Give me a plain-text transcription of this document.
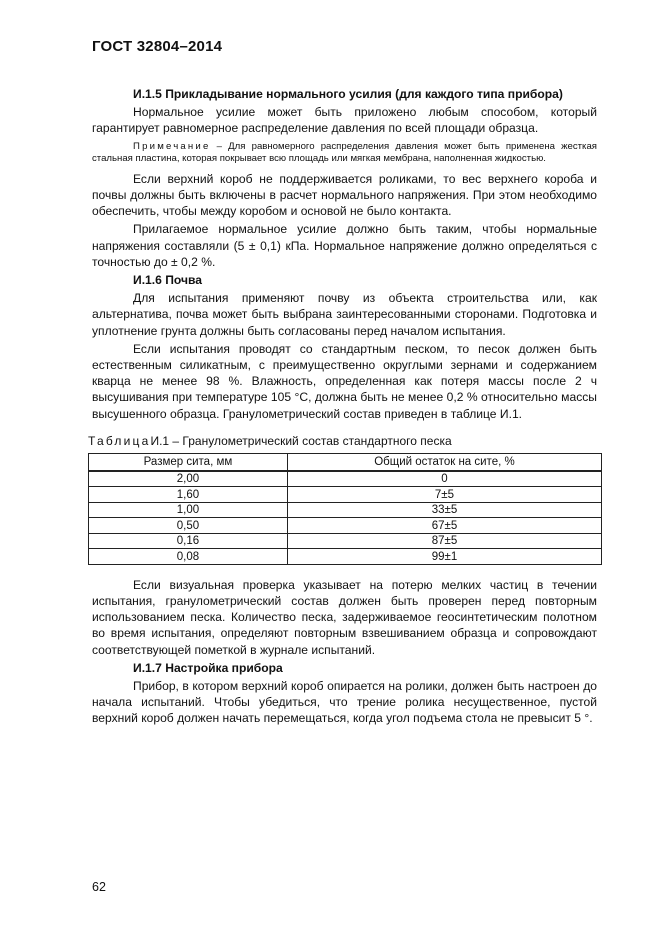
ГОСТ 32804–2014

И.1.5 Прикладывание нормального усилия (для каждого типа прибора)

Нормальное усилие может быть приложено любым способом, который гарантирует равномерное распределение давления по всей площади образца.

Примечание – Для равномерного распределения давления может быть применена жесткая стальная пластина, которая покрывает всю площадь или мягкая мембрана, наполненная жидкостью.

Если верхний короб не поддерживается роликами, то вес верхнего короба и почвы должны быть включены в расчет нормального напряжения. При этом необходимо обеспечить, чтобы между коробом и основой не было контакта.

Прилагаемое нормальное усилие должно быть таким, чтобы нормальные напряжения составляли (5 ± 0,1) кПа. Нормальное напряжение должно определяться с точностью до ± 0,2 %.

И.1.6 Почва

Для испытания применяют почву из объекта строительства или, как альтернатива, почва может быть выбрана заинтересованными сторонами. Подготовка и уплотнение грунта должны быть согласованы перед началом испытания.

Если испытания проводят со стандартным песком, то песок должен быть естественным силикатным, с преимущественно округлыми зернами и содержанием кварца не менее 98 %. Влажность, определенная как потеря массы после 2 ч высушивания при температуре 105 °С, должна быть не менее 0,2 % относительно массы высушенного образца. Гранулометрический состав приведен в таблице И.1.

ТаблицаИ.1 – Гранулометрический состав стандартного песка
Размер сита, мм	Общий остаток на сите, %
2,00	0
1,60	7±5
1,00	33±5
0,50	67±5
0,16	87±5
0,08	99±1

Если визуальная проверка указывает на потерю мелких частиц в течении испытания, гранулометрический состав должен быть проверен перед повторным использованием песка. Количество песка, задерживаемое геосинтетическим полотном во время испытания, определяют повторным взвешиванием образца и сопровождают соответствующей пометкой в журнале испытаний.

И.1.7 Настройка прибора

Прибор, в котором верхний короб опирается на ролики, должен быть настроен до начала испытаний. Чтобы убедиться, что трение ролика несущественное, пустой верхний короб должен начать перемещаться, когда угол подъема стола не превысит 5 °.

62
